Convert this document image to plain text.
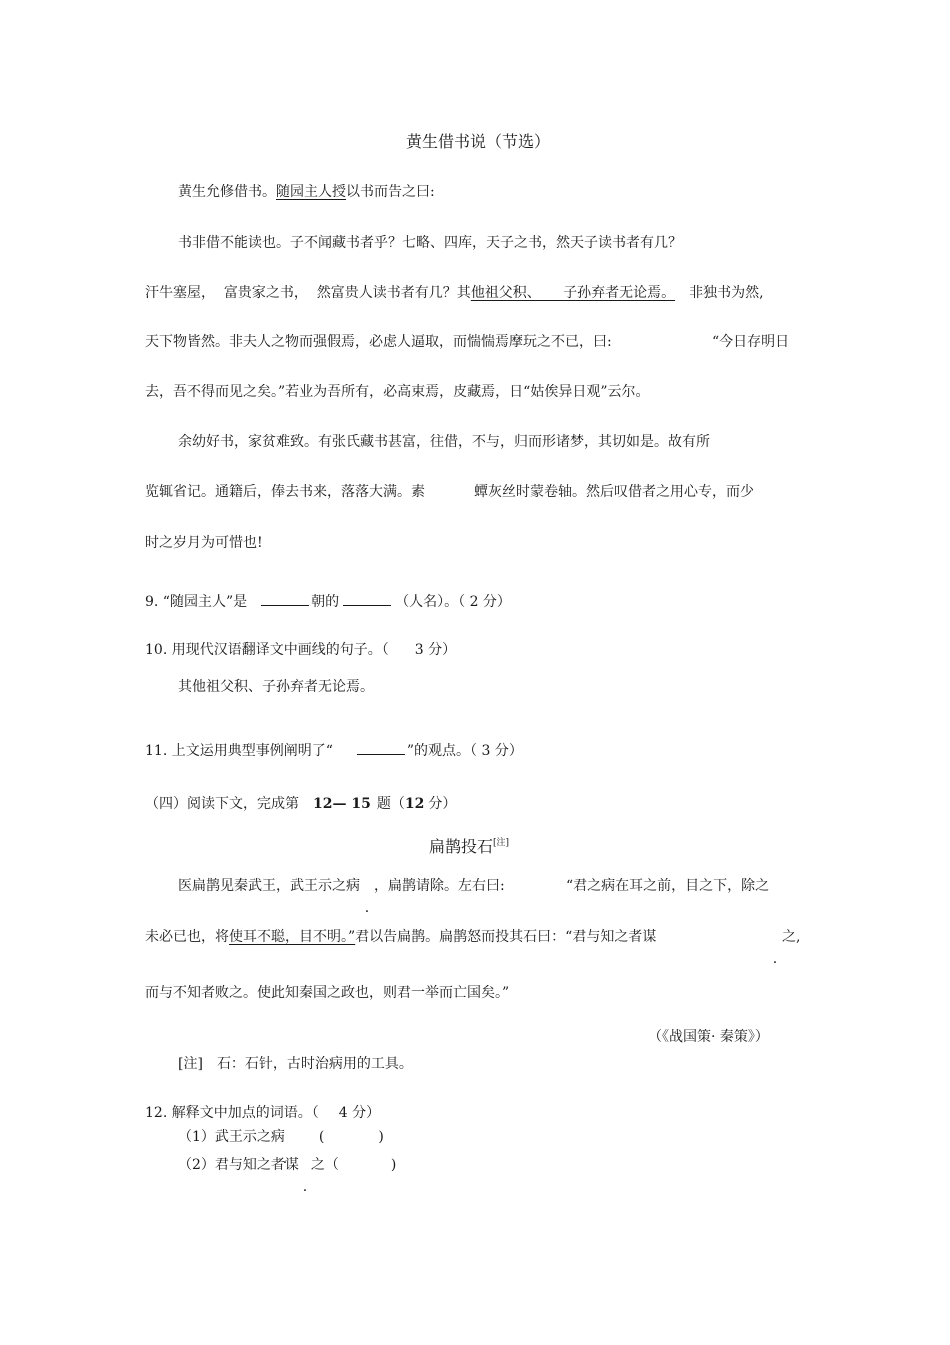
黄生借书说（节选）
黄生允修借书。随园主人授以书而告之曰:
书非借不能读也。子不闻藏书者乎？七略、四库，天子之书，然天子读书者有几？
汗牛塞屋，  富贵家之书，  然富贵人读书者有几？其他祖父积、     子孙弃者无论焉。 非独书为然,
天下物皆然。非夫人之物而强假焉，必虑人逼取，而惴惴焉摩玩之不已，曰:	“今日存明日
去，吾不得而见之矣。”若业为吾所有，必高束焉，皮藏焉，日“姑俟异日观”云尔。
余幼好书，家贫难致。有张氏藏书甚富，往借，不与，归而形诸梦，其切如是。故有所
览辄省记。通籍后，俸去书来，落落大满。素	蟫灰丝时蒙卷轴。然后叹借者之用心专，而少
时之岁月为可惜也!
9. “随园主人”是	朝的	（人名）。（ 2 分）
10. 用现代汉语翻译文中画线的句子。（ 3 分）
其他祖父积、子孙弃者无论焉。
11. 上文运用典型事例阐明了“	”的观点。（ 3 分）
（四）阅读下文，完成第 12— 15 题（12 分）
扁鹊投石[注]
医扁鹊见秦武王，武王示之病 ，扁鹊请除。左右曰:	“君之病在耳之前，目之下，除之
未必已也，将使耳不聪，目不明。”君以告扁鹊。扁鹊怒而投其石曰：“君与知之者谋	之,
而与不知者败之。使此知秦国之政也，则君一举而亡国矣。”
（《战国策· 秦策》）
[注] 石：石针，古时治病用的工具。
12. 解释文中加点的词语。（ 4 分）
（1）武王示之病 (	)
（2）君与知之者谋 之（	)
